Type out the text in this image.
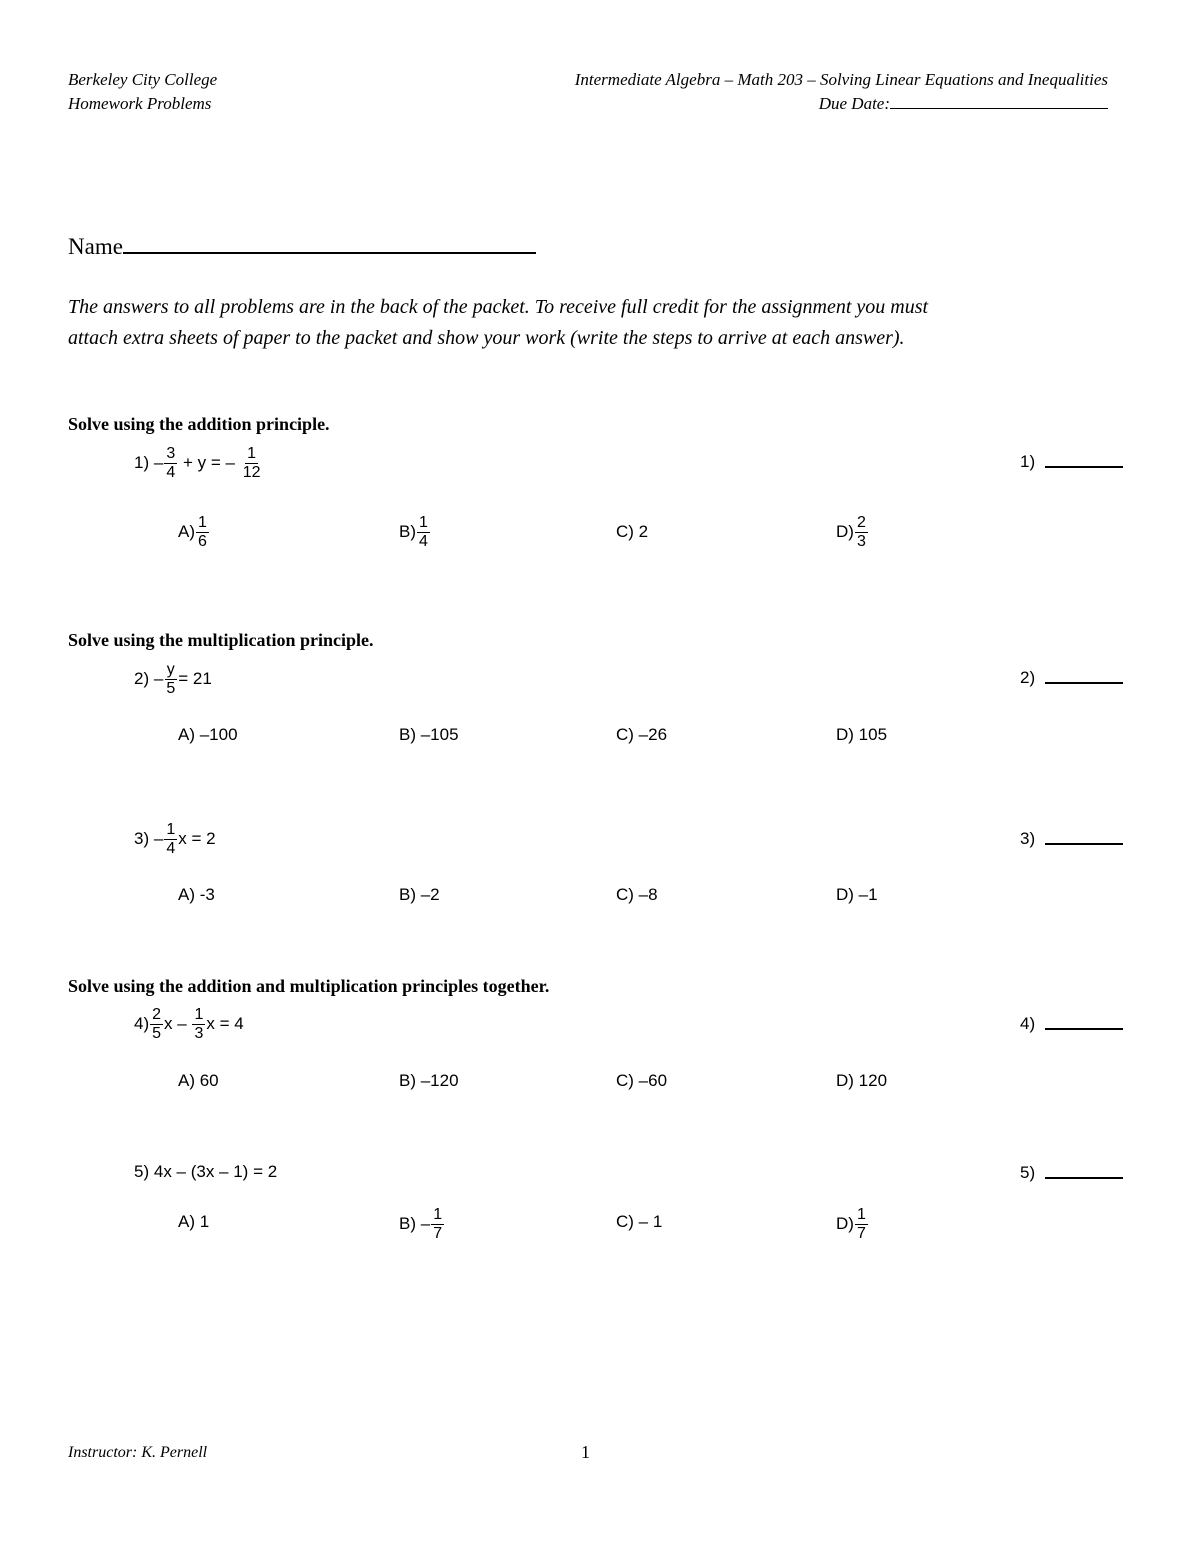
Berkeley City College
Homework Problems
Intermediate Algebra – Math 203 – Solving Linear Equations and Inequalities
Due Date:
Name
The answers to all problems are in the back of the packet. To receive full credit for the assignment you must
attach extra sheets of paper to the packet and show your work (write the steps to arrive at each answer).
Solve using the addition principle.
1)
– $\frac{3}{4}$
+ y = –
$\frac{1}{12}$	1)
$A) \frac{1}{6}$	$B) \frac{1}{4}$	C) 2	$D) \frac{2}{3}$
Solve using the multiplication principle.
2)
– $\frac{y}{5} = 21$	2)
A) –100	B) –105	C) –26	D) 105
3)
– $\frac{1}{4}$ x = 2	3)
A) -3	B) –2	C) –8	D) –1
Solve using the addition and multiplication principles together.
$4) \frac{2}{5}$ x –
$\frac{1}{3}$ x = 4	4)
A) 60	B) –120	C) –60	D) 120
5)
4x – (3x – 1) = 2	5)
A) 1	$B) - \frac{1}{7}$	C) – 1	$D) \frac{1}{7}$
Instructor: K. Pernell	1
